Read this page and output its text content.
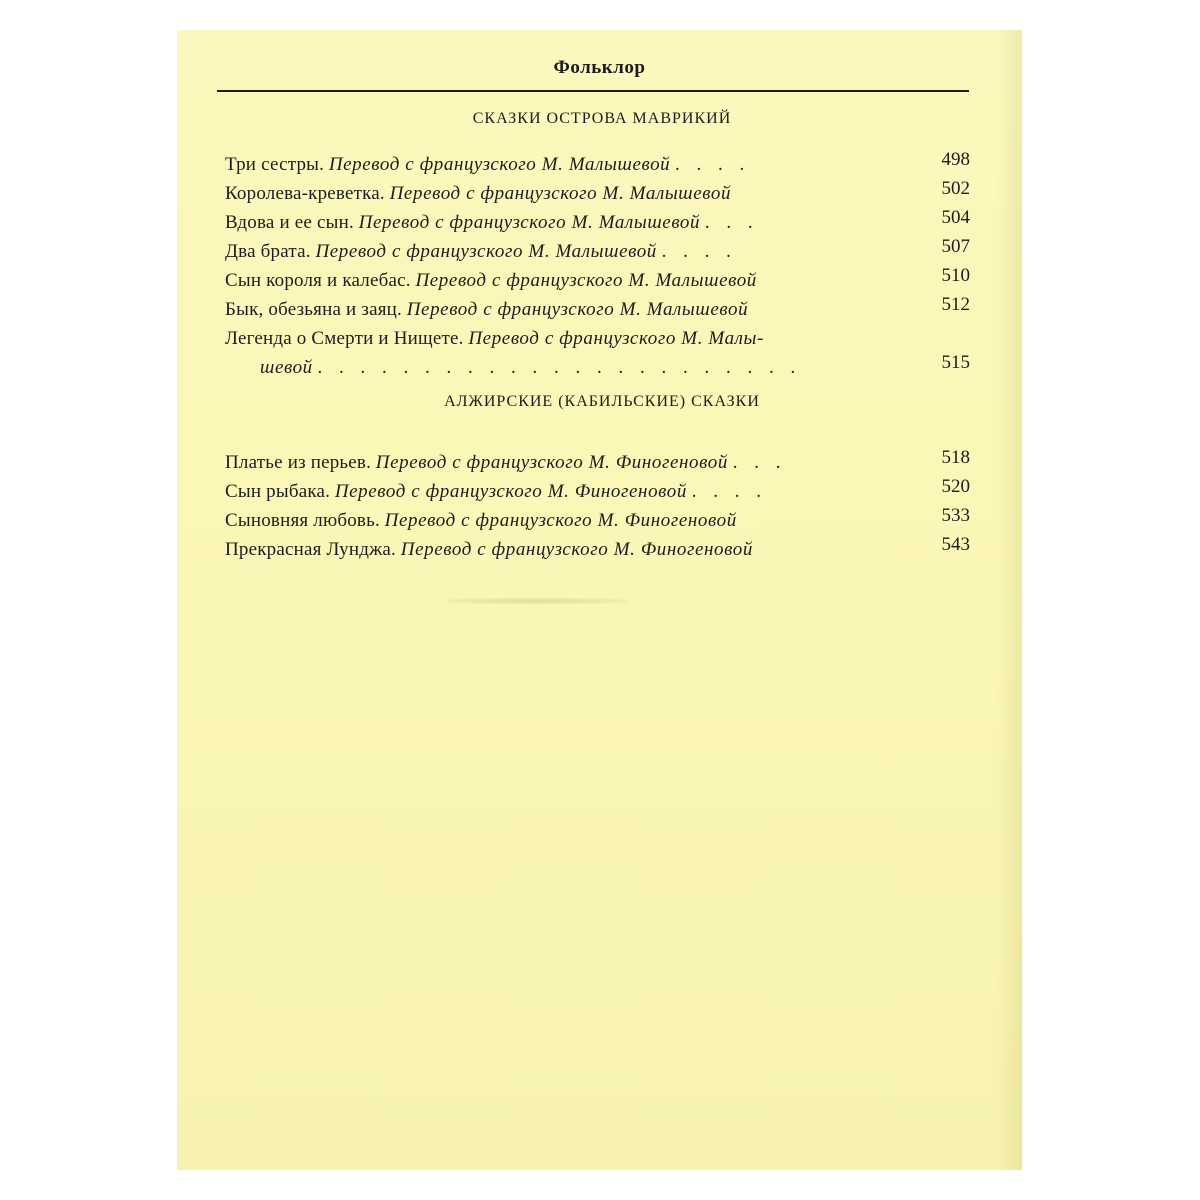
Фольклор
СКАЗКИ ОСТРОВА МАВРИКИЙ
Три сестры. Перевод с французского М. Малышевой . . . .	498
Королева-креветка. Перевод с французского М. Малышевой	502
Вдова и ее сын. Перевод с французского М. Малышевой . . .	504
Два брата. Перевод с французского М. Малышевой . . . .	507
Сын короля и калебас. Перевод с французского М. Малышевой	510
Бык, обезьяна и заяц. Перевод с французского М. Малышевой	512
Легенда о Смерти и Нищете. Перевод с французского М. Малы-
шевой . . . . . . . . . . . . . . . . . . . . . . .	515
АЛЖИРСКИЕ (КАБИЛЬСКИЕ) СКАЗКИ
Платье из перьев. Перевод с французского М. Финогеновой . . .	518
Сын рыбака. Перевод с французского М. Финогеновой . . . .	520
Сыновняя любовь. Перевод с французского М. Финогеновой	533
Прекрасная Лунджа. Перевод с французского М. Финогеновой	543
